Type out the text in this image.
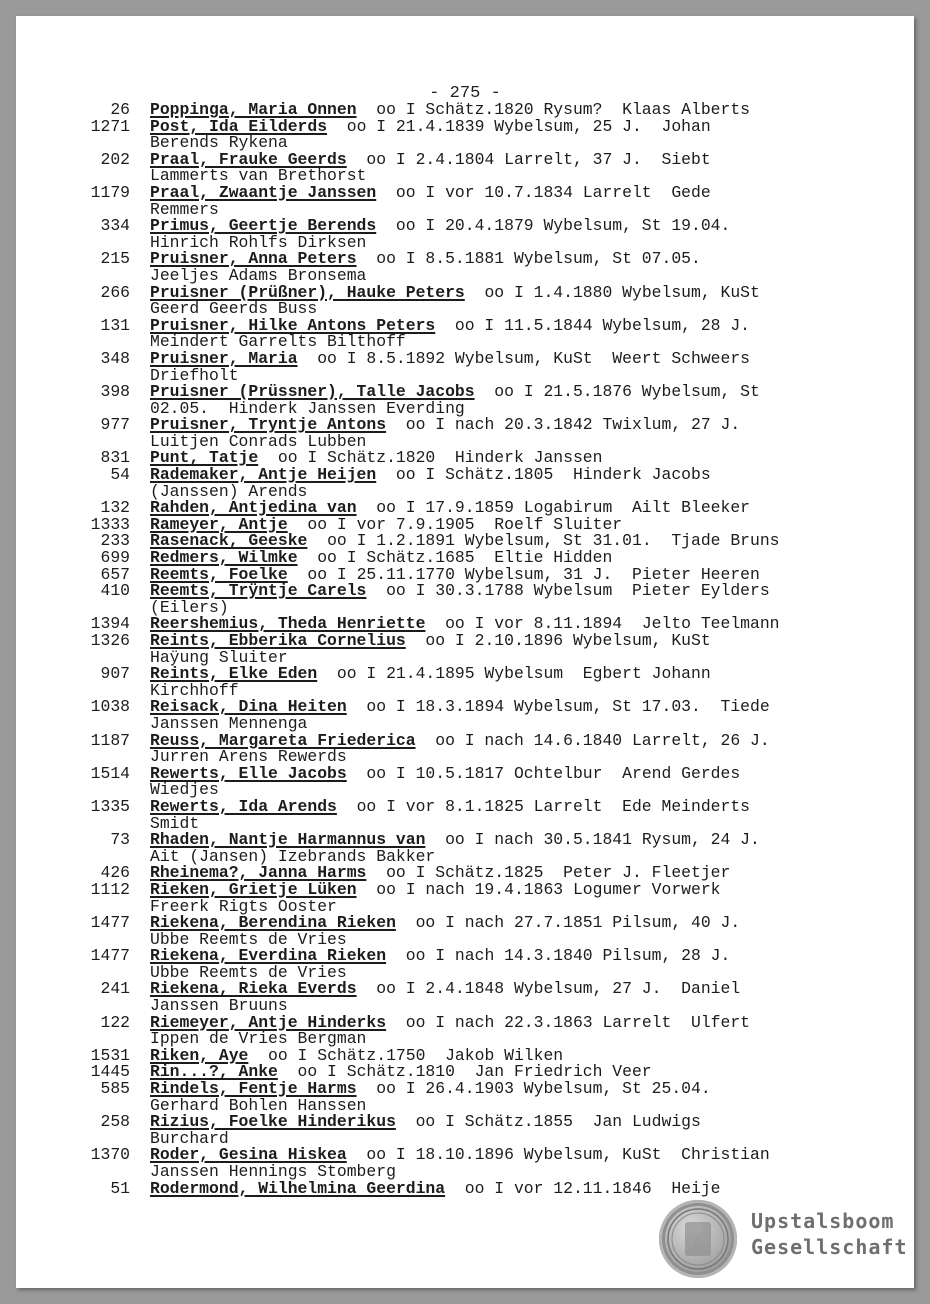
- 275 -
26 Poppinga, Maria Onnen  oo I Schätz.1820 Rysum?  Klaas Alberts
1271 Post, Ida Eilderds  oo I 21.4.1839 Wybelsum, 25 J.  Johan
Berends Rykena
202 Praal, Frauke Geerds  oo I 2.4.1804 Larrelt, 37 J.  Siebt
Lammerts van Brethorst
1179 Praal, Zwaantje Janssen  oo I vor 10.7.1834 Larrelt  Gede
Remmers
334 Primus, Geertje Berends  oo I 20.4.1879 Wybelsum, St 19.04.
Hinrich Rohlfs Dirksen
215 Pruisner, Anna Peters  oo I 8.5.1881 Wybelsum, St 07.05.
Jeeljes Adams Bronsema
266 Pruisner (Prüßner), Hauke Peters  oo I 1.4.1880 Wybelsum, KuSt
Geerd Geerds Buss
131 Pruisner, Hilke Antons Peters  oo I 11.5.1844 Wybelsum, 28 J.
Meindert Garrelts Bilthoff
348 Pruisner, Maria  oo I 8.5.1892 Wybelsum, KuSt  Weert Schweers
Driefholt
398 Pruisner (Prüssner), Talle Jacobs  oo I 21.5.1876 Wybelsum, St
02.05.  Hinderk Janssen Everding
977 Pruisner, Tryntje Antons  oo I nach 20.3.1842 Twixlum, 27 J.
Luitjen Conrads Lubben
831 Punt, Tatje  oo I Schätz.1820  Hinderk Janssen
54 Rademaker, Antje Heijen  oo I Schätz.1805  Hinderk Jacobs
(Janssen) Arends
132 Rahden, Antjedina van  oo I 17.9.1859 Logabirum  Ailt Bleeker
1333 Rameyer, Antje  oo I vor 7.9.1905  Roelf Sluiter
233 Rasenack, Geeske  oo I 1.2.1891 Wybelsum, St 31.01.  Tjade Bruns
699 Redmers, Wilmke  oo I Schätz.1685  Eltie Hidden
657 Reemts, Foelke  oo I 25.11.1770 Wybelsum, 31 J.  Pieter Heeren
410 Reemts, Trÿntje Carels  oo I 30.3.1788 Wybelsum  Pieter Eylders
(Eilers)
1394 Reershemius, Theda Henriette  oo I vor 8.11.1894  Jelto Teelmann
1326 Reints, Ebberika Cornelius  oo I 2.10.1896 Wybelsum, KuSt
Haÿung Sluiter
907 Reints, Elke Eden  oo I 21.4.1895 Wybelsum  Egbert Johann
Kirchhoff
1038 Reisack, Dina Heiten  oo I 18.3.1894 Wybelsum, St 17.03.  Tiede
Janssen Mennenga
1187 Reuss, Margareta Friederica  oo I nach 14.6.1840 Larrelt, 26 J.
Jurren Arens Rewerds
1514 Rewerts, Elle Jacobs  oo I 10.5.1817 Ochtelbur  Arend Gerdes
Wiedjes
1335 Rewerts, Ida Arends  oo I vor 8.1.1825 Larrelt  Ede Meinderts
Smidt
73 Rhaden, Nantje Harmannus van  oo I nach 30.5.1841 Rysum, 24 J.
Ait (Jansen) Izebrands Bakker
426 Rheinema?, Janna Harms  oo I Schätz.1825  Peter J. Fleetjer
1112 Rieken, Grietje Lüken  oo I nach 19.4.1863 Logumer Vorwerk
Freerk Rigts Ooster
1477 Riekena, Berendina Rieken  oo I nach 27.7.1851 Pilsum, 40 J.
Ubbe Reemts de Vries
1477 Riekena, Everdina Rieken  oo I nach 14.3.1840 Pilsum, 28 J.
Ubbe Reemts de Vries
241 Riekena, Rieka Everds  oo I 2.4.1848 Wybelsum, 27 J.  Daniel
Janssen Bruuns
122 Riemeyer, Antje Hinderks  oo I nach 22.3.1863 Larrelt  Ulfert
Ippen de Vries Bergman
1531 Riken, Aye  oo I Schätz.1750  Jakob Wilken
1445 Rin...?, Anke  oo I Schätz.1810  Jan Friedrich Veer
585 Rindels, Fentje Harms  oo I 26.4.1903 Wybelsum, St 25.04.
Gerhard Bohlen Hanssen
258 Rizius, Foelke Hinderikus  oo I Schätz.1855  Jan Ludwigs
Burchard
1370 Roder, Gesina Hiskea  oo I 18.10.1896 Wybelsum, KuSt  Christian
Janssen Hennings Stomberg
51 Rodermond, Wilhelmina Geerdina  oo I vor 12.11.1846  Heije
Upstalsboom
Gesellschaft
